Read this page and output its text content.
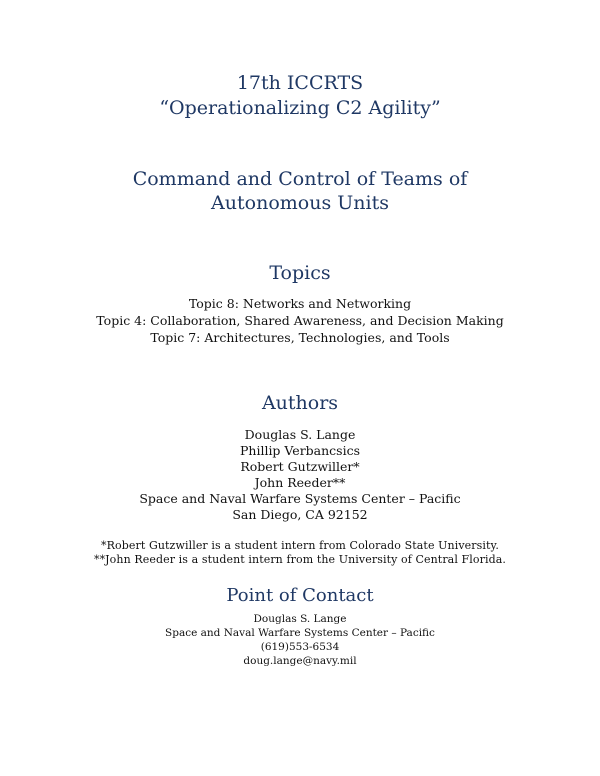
17th ICCRTS
“Operationalizing C2 Agility”
Command and Control of Teams of
Autonomous Units
Topics
Topic 8: Networks and Networking
Topic 4: Collaboration, Shared Awareness, and Decision Making
Topic 7: Architectures, Technologies, and Tools
Authors
Douglas S. Lange
Phillip Verbancsics
Robert Gutzwiller*
John Reeder**
Space and Naval Warfare Systems Center – Pacific
San Diego, CA 92152
*Robert Gutzwiller is a student intern from Colorado State University.
**John Reeder is a student intern from the University of Central Florida.
Point of Contact
Douglas S. Lange
Space and Naval Warfare Systems Center – Pacific
(619)553-6534
doug.lange@navy.mil
